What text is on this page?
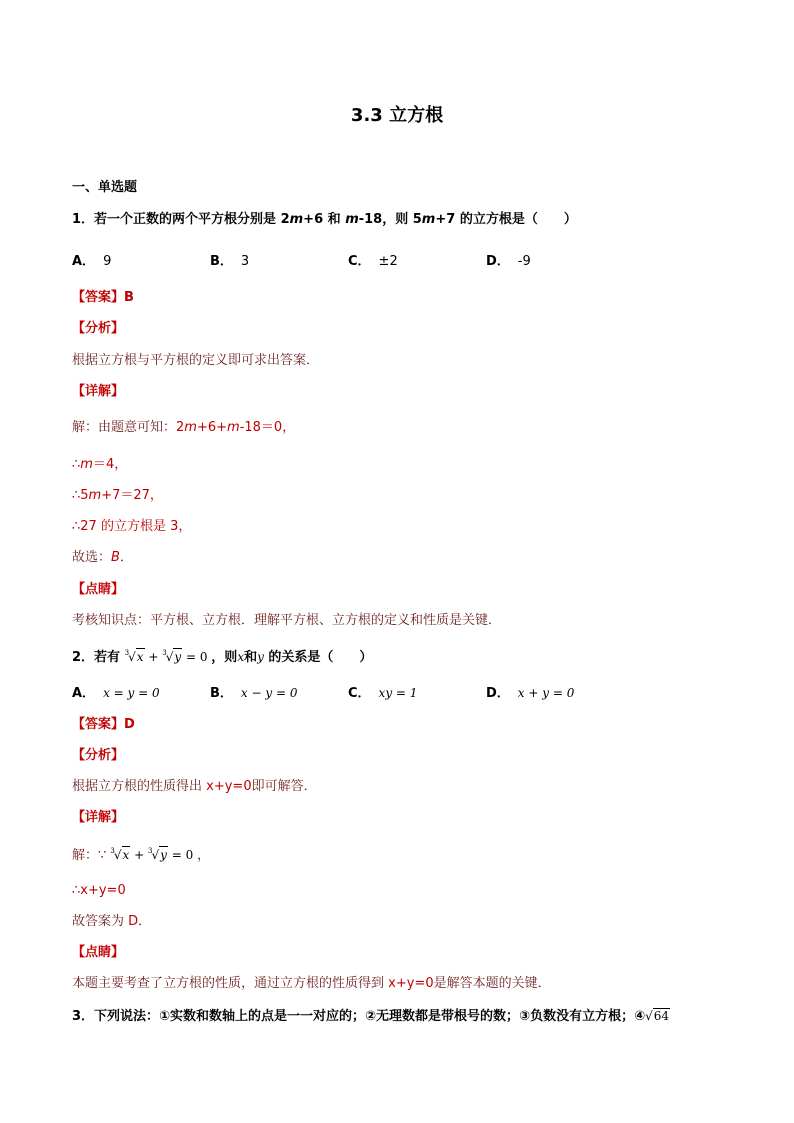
3.3 立方根
一、单选题
1．若一个正数的两个平方根分别是 2m+6 和 m-18，则 5m+7 的立方根是（　　）
A． 9	B． 3	C． ±2	D． -9
【答案】B
【分析】
根据立方根与平方根的定义即可求出答案．
【详解】
解：由题意可知：2m+6+m-18＝0，
∴m＝4，
∴5m+7＝27，
∴27 的立方根是 3，
故选：B．
【点睛】
考核知识点：平方根、立方根．理解平方根、立方根的定义和性质是关键．
2．若有 $^3$√x + $^3$√y = 0 ，则x和y 的关系是（　　）
A． x = y = 0	B． x − y = 0	C． xy = 1	D． x + y = 0
【答案】D
【分析】
根据立方根的性质得出 x+y=0即可解答．
【详解】
解：∵ $^3$√x + $^3$√y = 0 ，
∴x+y=0
故答案为 D．
【点睛】
本题主要考查了立方根的性质，通过立方根的性质得到 x+y=0是解答本题的关键．
3．下列说法：①实数和数轴上的点是一一对应的；②无理数都是带根号的数；③负数没有立方根；④√64
